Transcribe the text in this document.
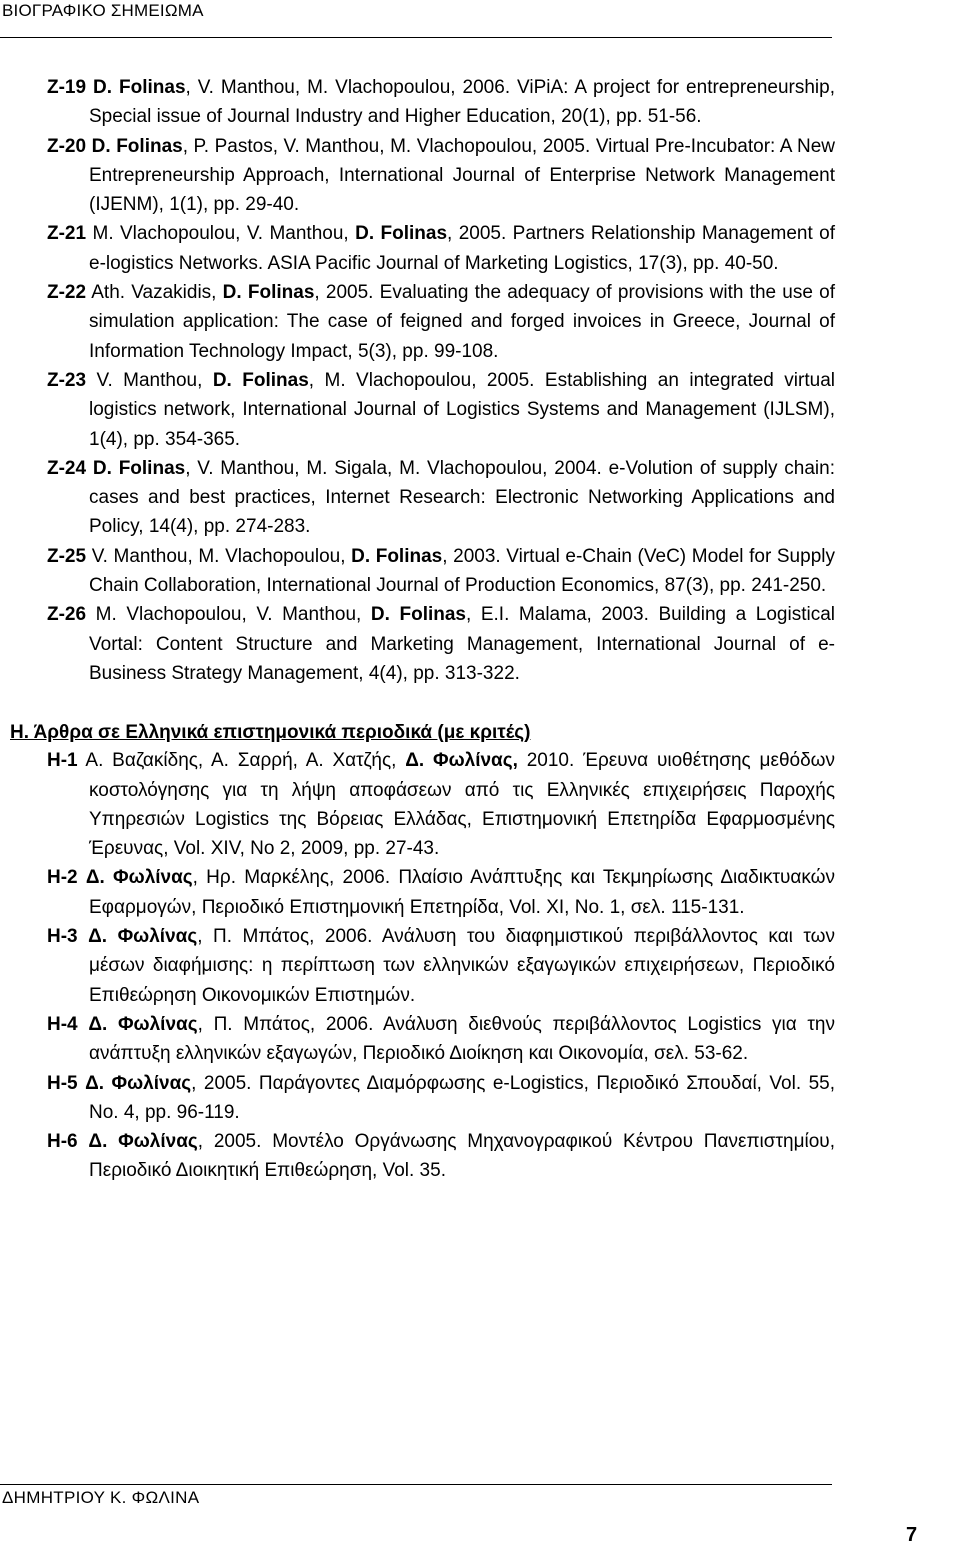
ΒΙΟΓΡΑΦΙΚΟ ΣΗΜΕΙΩΜΑ

Z-19 D. Folinas, V. Manthou, M. Vlachopoulou, 2006. ViPiA: A project for entrepreneurship, Special issue of Journal Industry and Higher Education, 20(1), pp. 51-56.

Z-20 D. Folinas, P. Pastos, V. Manthou, M. Vlachopoulou, 2005. Virtual Pre-Incubator: A New Entrepreneurship Approach, International Journal of Enterprise Network Management (IJENM), 1(1), pp. 29-40.

Z-21 M. Vlachopoulou, V. Manthou, D. Folinas, 2005. Partners Relationship Management of e-logistics Networks. ASIA Pacific Journal of Marketing Logistics, 17(3), pp. 40-50.

Z-22 Ath. Vazakidis, D. Folinas, 2005. Evaluating the adequacy of provisions with the use of simulation application: The case of feigned and forged invoices in Greece, Journal of Information Technology Impact, 5(3), pp. 99-108.

Z-23 V. Manthou, D. Folinas, M. Vlachopoulou, 2005. Establishing an integrated virtual logistics network, International Journal of Logistics Systems and Management (IJLSM), 1(4), pp. 354-365.

Z-24 D. Folinas, V. Manthou, M. Sigala, M. Vlachopoulou, 2004. e-Volution of supply chain: cases and best practices, Internet Research: Electronic Networking Applications and Policy, 14(4), pp. 274-283.

Z-25 V. Manthou, M. Vlachopoulou, D. Folinas, 2003. Virtual e-Chain (VeC) Model for Supply Chain Collaboration, International Journal of Production Economics, 87(3), pp. 241-250.

Z-26 M. Vlachopoulou, V. Manthou, D. Folinas, E.I. Malama, 2003. Building a Logistical Vortal: Content Structure and Marketing Management, International Journal of e-Business Strategy Management, 4(4), pp. 313-322.

Η. Άρθρα σε Ελληνικά επιστημονικά περιοδικά (με κριτές)

Η-1 Α. Βαζακίδης, Α. Σαρρή, Α. Χατζής, Δ. Φωλίνας, 2010. Έρευνα υιοθέτησης μεθόδων κοστολόγησης για τη λήψη αποφάσεων από τις Ελληνικές επιχειρήσεις Παροχής Υπηρεσιών Logistics της Βόρειας Ελλάδας, Επιστημονική Επετηρίδα Εφαρμοσμένης Έρευνας, Vol. XIV, No 2, 2009, pp. 27-43.

Η-2 Δ. Φωλίνας, Ηρ. Μαρκέλης, 2006. Πλαίσιο Ανάπτυξης και Τεκμηρίωσης Διαδικτυακών Εφαρμογών, Περιοδικό Επιστημονική Επετηρίδα, Vol. XI, No. 1, σελ. 115-131.

Η-3 Δ. Φωλίνας, Π. Μπάτος, 2006. Ανάλυση του διαφημιστικού περιβάλλοντος και των μέσων διαφήμισης: η περίπτωση των ελληνικών εξαγωγικών επιχειρήσεων, Περιοδικό Επιθεώρηση Οικονομικών Επιστημών.

Η-4 Δ. Φωλίνας, Π. Μπάτος, 2006. Ανάλυση διεθνούς περιβάλλοντος Logistics για την ανάπτυξη ελληνικών εξαγωγών, Περιοδικό Διοίκηση και Οικονομία, σελ. 53-62.

Η-5 Δ. Φωλίνας, 2005. Παράγοντες Διαμόρφωσης e-Logistics, Περιοδικό Σπουδαί, Vol. 55, No. 4, pp. 96-119.

Η-6 Δ. Φωλίνας, 2005. Μοντέλο Οργάνωσης Μηχανογραφικού Κέντρου Πανεπιστημίου, Περιοδικό Διοικητική Επιθεώρηση, Vol. 35.

ΔΗΜΗΤΡΙΟΥ Κ. ΦΩΛΙΝΑ
7
